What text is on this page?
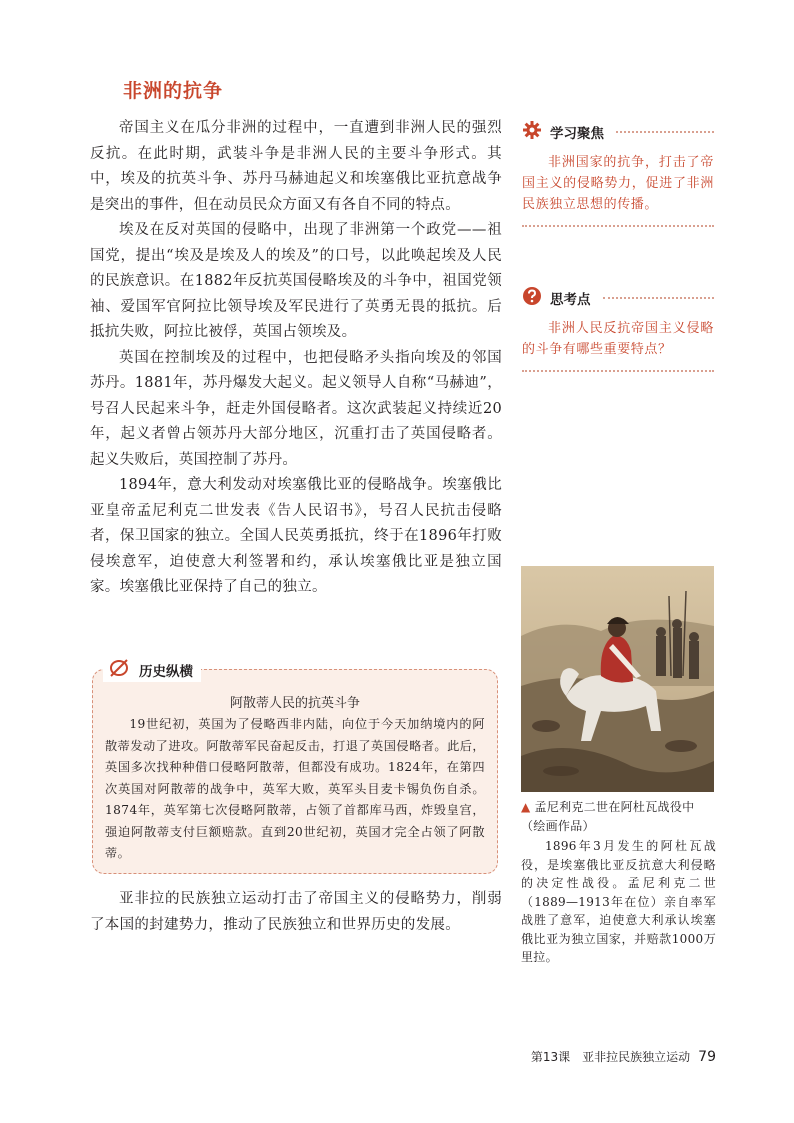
非洲的抗争

帝国主义在瓜分非洲的过程中，一直遭到非洲人民的强烈反抗。在此时期，武装斗争是非洲人民的主要斗争形式。其中，埃及的抗英斗争、苏丹马赫迪起义和埃塞俄比亚抗意战争是突出的事件，但在动员民众方面又有各自不同的特点。

埃及在反对英国的侵略中，出现了非洲第一个政党——祖国党，提出“埃及是埃及人的埃及”的口号，以此唤起埃及人民的民族意识。在1882年反抗英国侵略埃及的斗争中，祖国党领袖、爱国军官阿拉比领导埃及军民进行了英勇无畏的抵抗。后抵抗失败，阿拉比被俘，英国占领埃及。

英国在控制埃及的过程中，也把侵略矛头指向埃及的邻国苏丹。1881年，苏丹爆发大起义。起义领导人自称“马赫迪”，号召人民起来斗争，赶走外国侵略者。这次武装起义持续近20年，起义者曾占领苏丹大部分地区，沉重打击了英国侵略者。起义失败后，英国控制了苏丹。

1894年，意大利发动对埃塞俄比亚的侵略战争。埃塞俄比亚皇帝孟尼利克二世发表《告人民诏书》，号召人民抗击侵略者，保卫国家的独立。全国人民英勇抵抗，终于在1896年打败侵埃意军，迫使意大利签署和约，承认埃塞俄比亚是独立国家。埃塞俄比亚保持了自己的独立。

历史纵横
阿散蒂人民的抗英斗争
19世纪初，英国为了侵略西非内陆，向位于今天加纳境内的阿散蒂发动了进攻。阿散蒂军民奋起反击，打退了英国侵略者。此后，英国多次找种种借口侵略阿散蒂，但都没有成功。1824年，在第四次英国对阿散蒂的战争中，英军大败，英军头目麦卡锡负伤自杀。1874年，英军第七次侵略阿散蒂，占领了首都库马西，炸毁皇宫，强迫阿散蒂支付巨额赔款。直到20世纪初，英国才完全占领了阿散蒂。

亚非拉的民族独立运动打击了帝国主义的侵略势力，削弱了本国的封建势力，推动了民族独立和世界历史的发展。

学习聚焦
非洲国家的抗争，打击了帝国主义的侵略势力，促进了非洲民族独立思想的传播。
思考点
非洲人民反抗帝国主义侵略的斗争有哪些重要特点？
▲ 孟尼利克二世在阿杜瓦战役中（绘画作品）
1896年3月发生的阿杜瓦战役，是埃塞俄比亚反抗意大利侵略的决定性战役。孟尼利克二世（1889—1913年在位）亲自率军战胜了意军，迫使意大利承认埃塞俄比亚为独立国家，并赔款1000万里拉。
第13课　亚非拉民族独立运动 79
